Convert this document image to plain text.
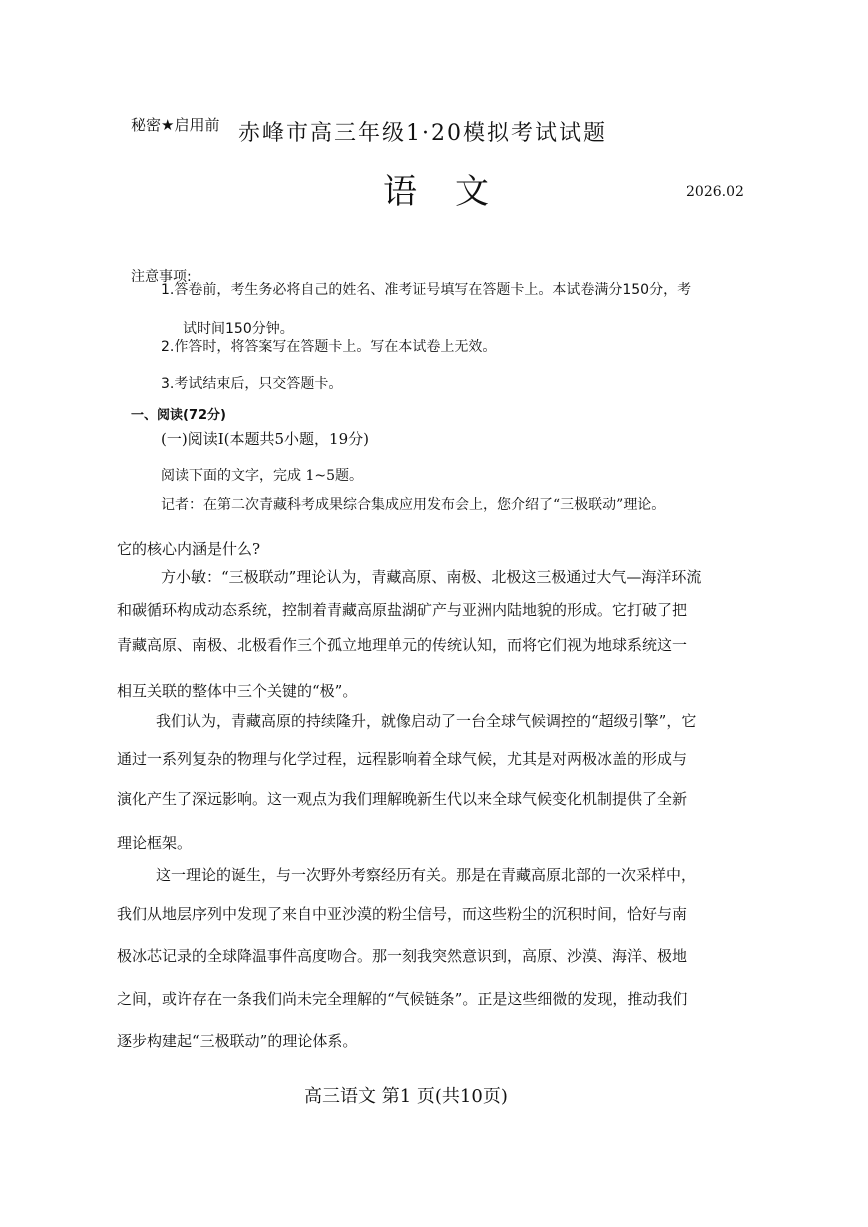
秘密★启用前 赤峰市高三年级1·20模拟考试试题
语文	2026.02
注意事项:
1.答卷前，考生务必将自己的姓名、准考证号填写在答题卡上。本试卷满分150分，考
试时间150分钟。
2.作答时，将答案写在答题卡上。写在本试卷上无效。
3.考试结束后，只交答题卡。
一、阅读(72分)
(一)阅读Ⅰ(本题共5小题，19分)
阅读下面的文字，完成 1~5题。
记者：在第二次青藏科考成果综合集成应用发布会上，您介绍了“三极联动”理论。
它的核心内涵是什么?
方小敏：“三极联动”理论认为，青藏高原、南极、北极这三极通过大气—海洋环流
和碳循环构成动态系统，控制着青藏高原盐湖矿产与亚洲内陆地貌的形成。它打破了把
青藏高原、南极、北极看作三个孤立地理单元的传统认知，而将它们视为地球系统这一
相互关联的整体中三个关键的“极”。
我们认为，青藏高原的持续隆升，就像启动了一台全球气候调控的“超级引擎”，它
通过一系列复杂的物理与化学过程，远程影响着全球气候，尤其是对两极冰盖的形成与
演化产生了深远影响。这一观点为我们理解晚新生代以来全球气候变化机制提供了全新
理论框架。
这一理论的诞生，与一次野外考察经历有关。那是在青藏高原北部的一次采样中，
我们从地层序列中发现了来自中亚沙漠的粉尘信号，而这些粉尘的沉积时间，恰好与南
极冰芯记录的全球降温事件高度吻合。那一刻我突然意识到，高原、沙漠、海洋、极地
之间，或许存在一条我们尚未完全理解的“气候链条”。正是这些细微的发现，推动我们
逐步构建起“三极联动”的理论体系。
高三语文 第1 页(共10页)
